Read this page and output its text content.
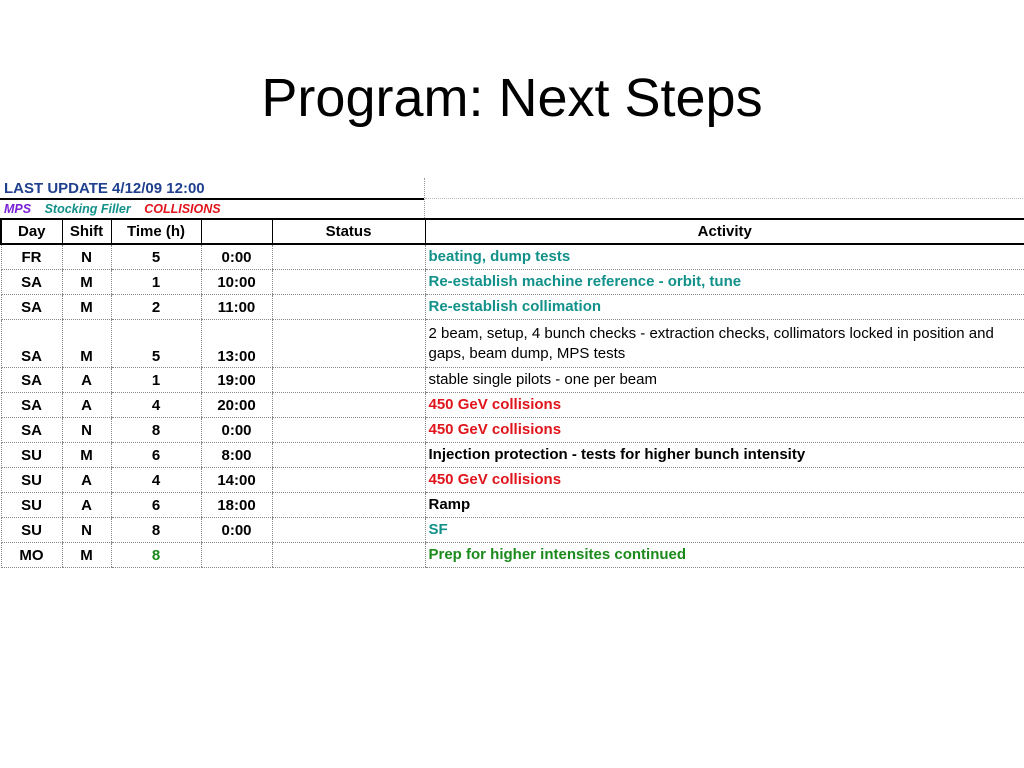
Program: Next Steps
LAST UPDATE 4/12/09 12:00
MPS Stocking Filler COLLISIONS
Day	Shift	Time (h)		Status	Activity
FR	N	5	0:00		beating, dump tests
SA	M	1	10:00		Re-establish machine reference - orbit, tune
SA	M	2	11:00		Re-establish collimation
SA	M	5	13:00		2 beam, setup, 4 bunch checks - extraction checks, collimators locked in position and gaps, beam dump, MPS tests
SA	A	1	19:00		stable single pilots - one per beam
SA	A	4	20:00		450 GeV collisions
SA	N	8	0:00		450 GeV collisions
SU	M	6	8:00		Injection protection - tests for higher bunch intensity
SU	A	4	14:00		450 GeV collisions
SU	A	6	18:00		Ramp
SU	N	8	0:00		SF
MO	M	8			Prep for higher intensites continued
